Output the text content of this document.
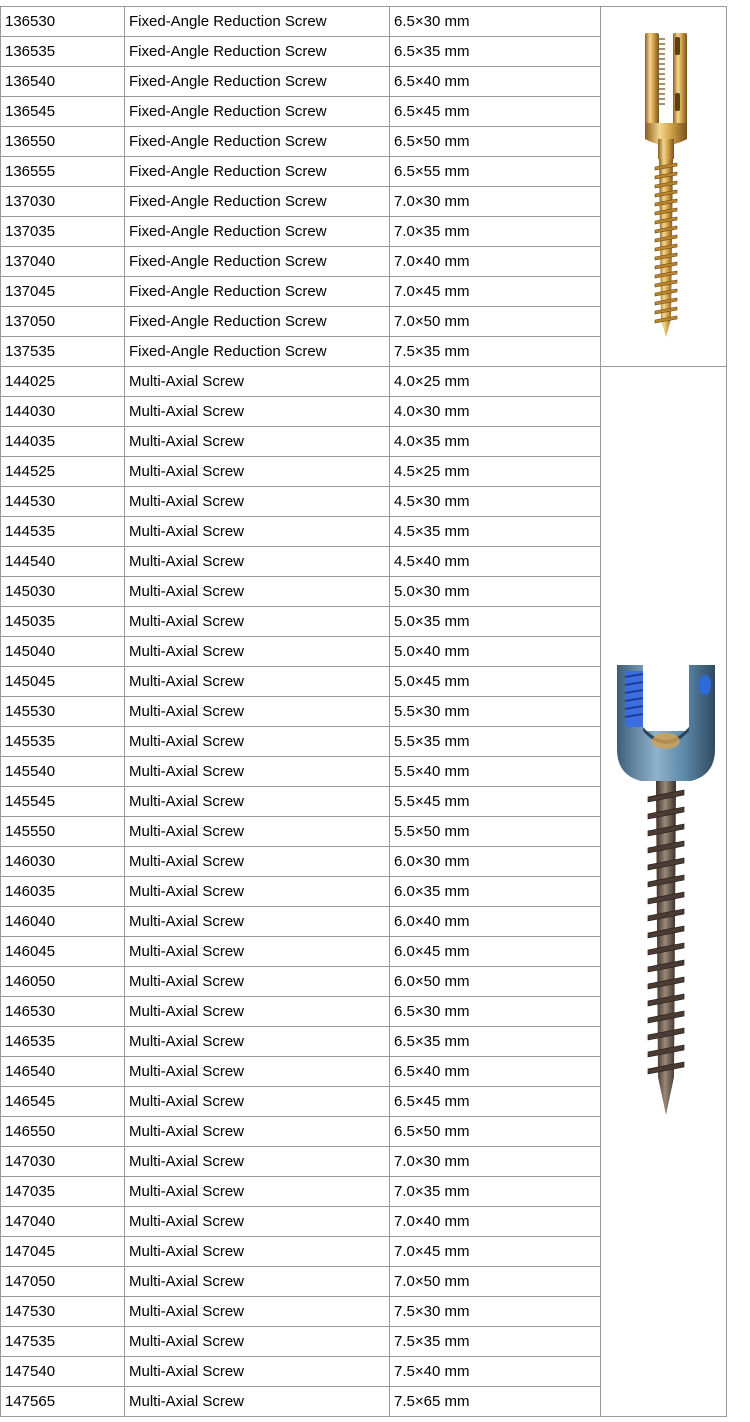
136530	Fixed-Angle Reduction Screw	6.5×30 mm	

136535	Fixed-Angle Reduction Screw	6.5×35 mm	
136540	Fixed-Angle Reduction Screw	6.5×40 mm	
136545	Fixed-Angle Reduction Screw	6.5×45 mm	
136550	Fixed-Angle Reduction Screw	6.5×50 mm	
136555	Fixed-Angle Reduction Screw	6.5×55 mm	
137030	Fixed-Angle Reduction Screw	7.0×30 mm	
137035	Fixed-Angle Reduction Screw	7.0×35 mm	
137040	Fixed-Angle Reduction Screw	7.0×40 mm	
137045	Fixed-Angle Reduction Screw	7.0×45 mm	
137050	Fixed-Angle Reduction Screw	7.0×50 mm	
137535	Fixed-Angle Reduction Screw	7.5×35 mm	
144025	Multi-Axial Screw	4.0×25 mm	

144030	Multi-Axial Screw	4.0×30 mm	
144035	Multi-Axial Screw	4.0×35 mm	
144525	Multi-Axial Screw	4.5×25 mm	
144530	Multi-Axial Screw	4.5×30 mm	
144535	Multi-Axial Screw	4.5×35 mm	
144540	Multi-Axial Screw	4.5×40 mm	
145030	Multi-Axial Screw	5.0×30 mm	
145035	Multi-Axial Screw	5.0×35 mm	
145040	Multi-Axial Screw	5.0×40 mm	
145045	Multi-Axial Screw	5.0×45 mm	
145530	Multi-Axial Screw	5.5×30 mm	
145535	Multi-Axial Screw	5.5×35 mm	
145540	Multi-Axial Screw	5.5×40 mm	
145545	Multi-Axial Screw	5.5×45 mm	
145550	Multi-Axial Screw	5.5×50 mm	
146030	Multi-Axial Screw	6.0×30 mm	
146035	Multi-Axial Screw	6.0×35 mm	
146040	Multi-Axial Screw	6.0×40 mm	
146045	Multi-Axial Screw	6.0×45 mm	
146050	Multi-Axial Screw	6.0×50 mm	
146530	Multi-Axial Screw	6.5×30 mm	
146535	Multi-Axial Screw	6.5×35 mm	
146540	Multi-Axial Screw	6.5×40 mm	
146545	Multi-Axial Screw	6.5×45 mm	
146550	Multi-Axial Screw	6.5×50 mm	
147030	Multi-Axial Screw	7.0×30 mm	
147035	Multi-Axial Screw	7.0×35 mm	
147040	Multi-Axial Screw	7.0×40 mm	
147045	Multi-Axial Screw	7.0×45 mm	
147050	Multi-Axial Screw	7.0×50 mm	
147530	Multi-Axial Screw	7.5×30 mm	
147535	Multi-Axial Screw	7.5×35 mm	
147540	Multi-Axial Screw	7.5×40 mm	
147565	Multi-Axial Screw	7.5×65 mm	
